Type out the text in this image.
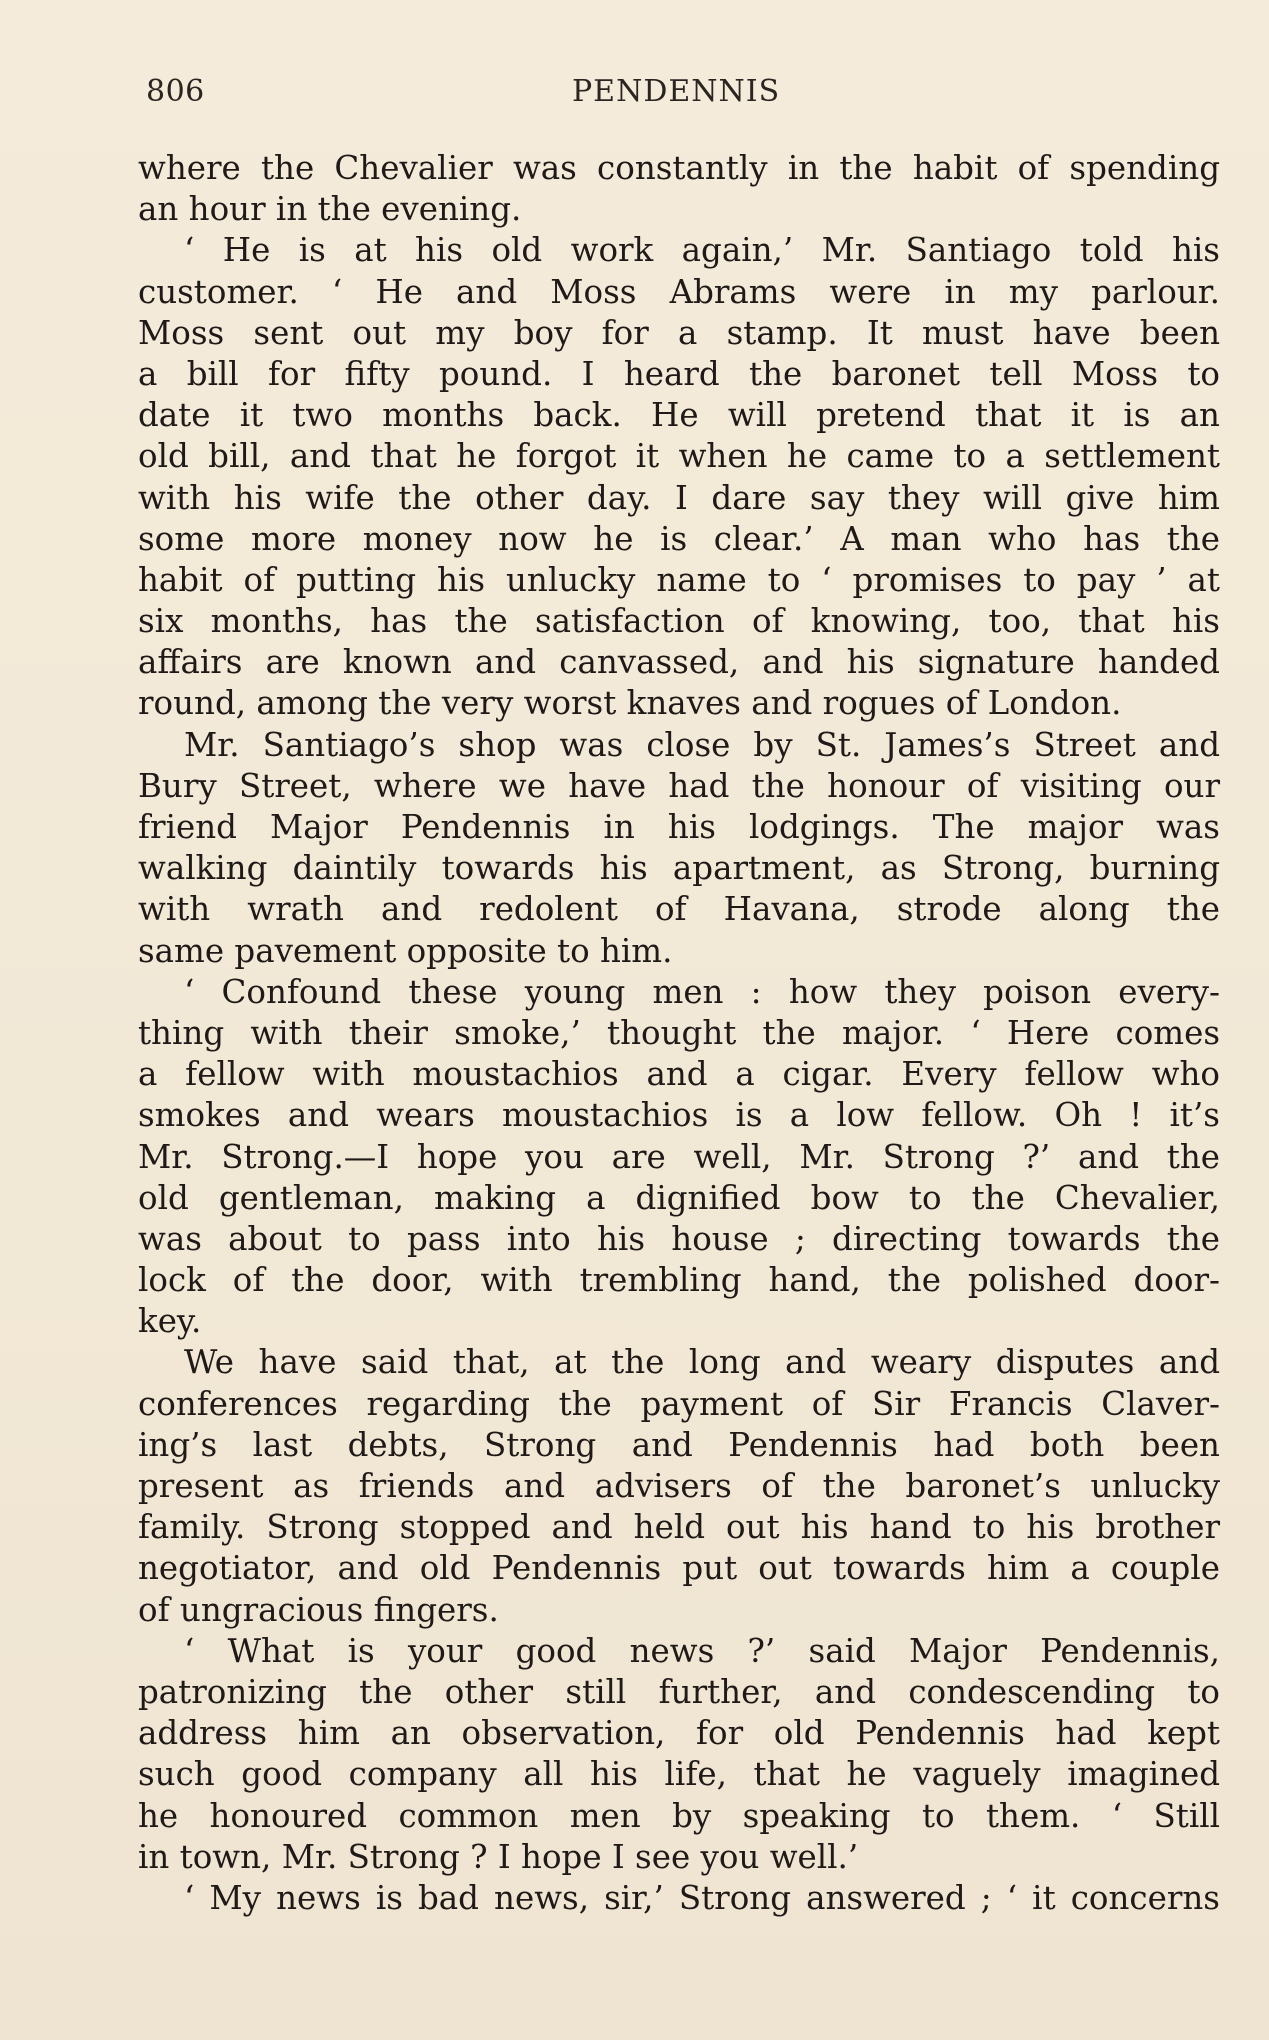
806	PENDENNIS
where the Chevalier was constantly in the habit of spending
an hour in the evening.
‘ He is at his old work again,’ Mr. Santiago told his
customer. ‘ He and Moss Abrams were in my parlour.
Moss sent out my boy for a stamp. It must have been
a bill for fifty pound. I heard the baronet tell Moss to
date it two months back. He will pretend that it is an
old bill, and that he forgot it when he came to a settlement
with his wife the other day. I dare say they will give him
some more money now he is clear.’ A man who has the
habit of putting his unlucky name to ‘ promises to pay ’ at
six months, has the satisfaction of knowing, too, that his
affairs are known and canvassed, and his signature handed
round, among the very worst knaves and rogues of London.
Mr. Santiago’s shop was close by St. James’s Street and
Bury Street, where we have had the honour of visiting our
friend Major Pendennis in his lodgings. The major was
walking daintily towards his apartment, as Strong, burning
with wrath and redolent of Havana, strode along the
same pavement opposite to him.
‘ Confound these young men : how they poison every-
thing with their smoke,’ thought the major. ‘ Here comes
a fellow with moustachios and a cigar. Every fellow who
smokes and wears moustachios is a low fellow. Oh ! it’s
Mr. Strong.—I hope you are well, Mr. Strong ?’ and the
old gentleman, making a dignified bow to the Chevalier,
was about to pass into his house ; directing towards the
lock of the door, with trembling hand, the polished door-
key.
We have said that, at the long and weary disputes and
conferences regarding the payment of Sir Francis Claver-
ing’s last debts, Strong and Pendennis had both been
present as friends and advisers of the baronet’s unlucky
family. Strong stopped and held out his hand to his brother
negotiator, and old Pendennis put out towards him a couple
of ungracious fingers.
‘ What is your good news ?’ said Major Pendennis,
patronizing the other still further, and condescending to
address him an observation, for old Pendennis had kept
such good company all his life, that he vaguely imagined
he honoured common men by speaking to them. ‘ Still
in town, Mr. Strong ? I hope I see you well.’
‘ My news is bad news, sir,’ Strong answered ; ‘ it concerns
